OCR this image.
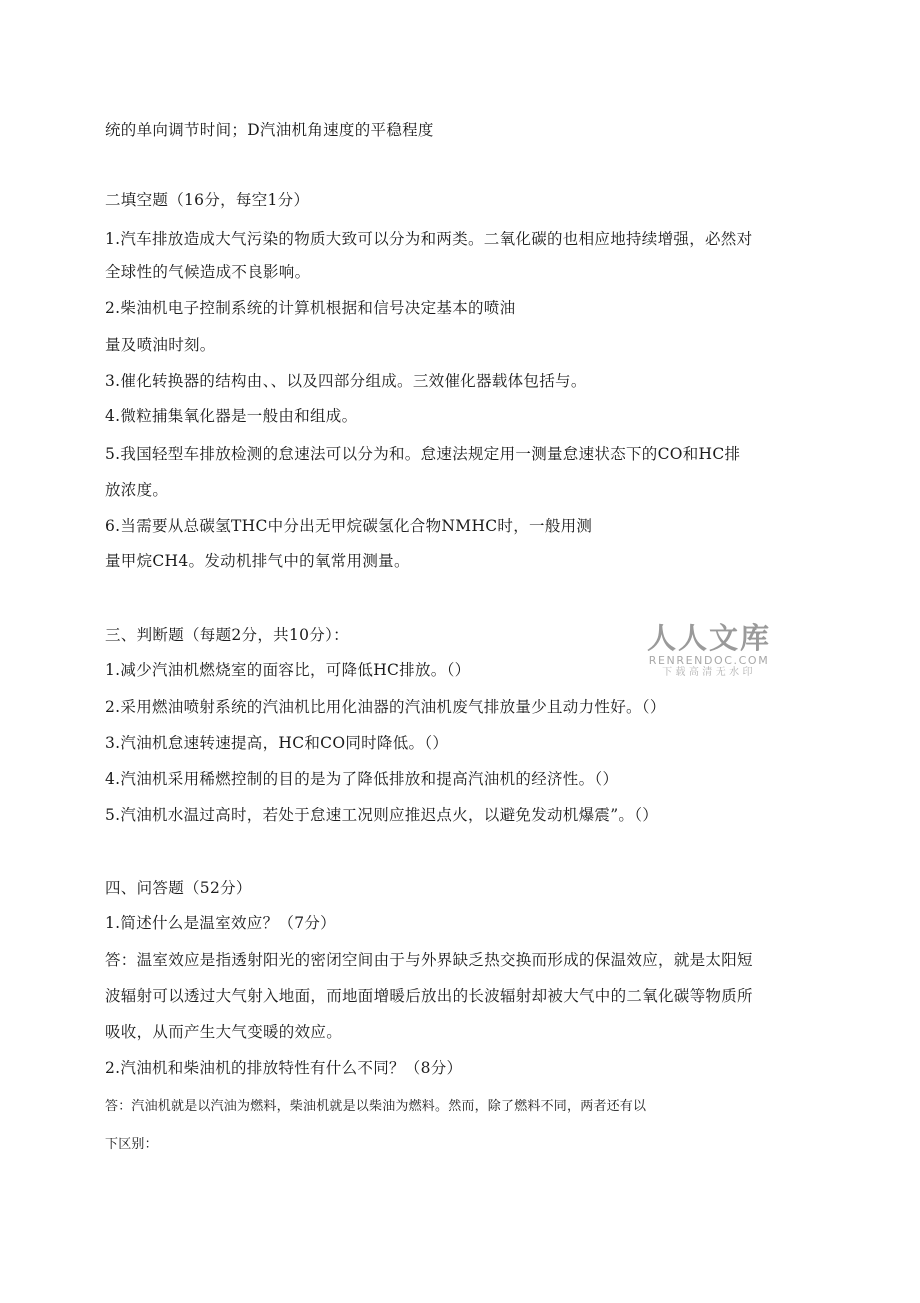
统的单向调节时间；D汽油机角速度的平稳程度
二填空题（16分，每空1分）
1.汽车排放造成大气污染的物质大致可以分为和两类。二氧化碳的也相应地持续增强，必然对
全球性的气候造成不良影响。
2.柴油机电子控制系统的计算机根据和信号决定基本的喷油
量及喷油时刻。
3.催化转换器的结构由、、以及四部分组成。三效催化器载体包括与。
4.微粒捕集氧化器是一般由和组成。
5.我国轻型车排放检测的怠速法可以分为和。怠速法规定用一测量怠速状态下的CO和HC排
放浓度。
6.当需要从总碳氢THC中分出无甲烷碳氢化合物NMHC时，一般用测
量甲烷CH4。发动机排气中的氧常用测量。
三、判断题（每题2分，共10分）：
1.减少汽油机燃烧室的面容比，可降低HC排放。（）
2.采用燃油喷射系统的汽油机比用化油器的汽油机废气排放量少且动力性好。（）
3.汽油机怠速转速提高，HC和CO同时降低。（）
4.汽油机采用稀燃控制的目的是为了降低排放和提高汽油机的经济性。（）
5.汽油机水温过高时，若处于怠速工况则应推迟点火，以避免发动机爆震”。（）
四、问答题（52分）
1.简述什么是温室效应？（7分）
答：温室效应是指透射阳光的密闭空间由于与外界缺乏热交换而形成的保温效应，就是太阳短
波辐射可以透过大气射入地面，而地面增暖后放出的长波辐射却被大气中的二氧化碳等物质所
吸收，从而产生大气变暖的效应。
2.汽油机和柴油机的排放特性有什么不同？（8分）
答：汽油机就是以汽油为燃料，柴油机就是以柴油为燃料。然而，除了燃料不同，两者还有以
下区别：
人人文库
RENRENDOC.COM
下载高清无水印
